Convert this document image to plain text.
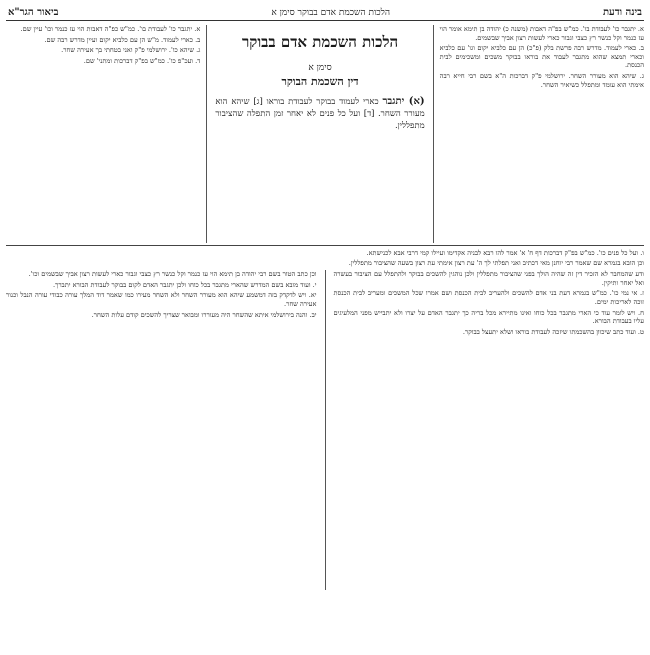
בינה ודעת
הלכות השכמת אדם בבוקר סימן א
ביאור הגר"א

א. יתגבר כו' לעבודת בו'. כמ"ש בפ"ה דאבות (משנה כ) יהודה בן תימא אומר הוי עז כנמר וקל כנשר רץ כצבי וגבור כארי לעשות רצון אביך שבשמים.

ב. כארי לעמוד. מדרש רבה פרשת בלק (פ"כ) הן עם כלביא יקום וגו' עם כלביא וכארי תמצא שהוא מתגבר לעבוד את בוראו בבוקר משכים ומשכימים לבית הכנסת.

ג. שיהא הוא מעורר השחר. ירושלמי פ"ק דברכות ה"א בשם רבי חייא רבה אימתי הוא עומד ומתפלל כשיאיר השחר.

הלכות השכמת אדם בבוקר
סימן א
דין השכמת הבוקר
(א) יתגבר כארי לעמוד בבוקר לעבודת בוראו [ג] שיהא הוא מעורר השחר. [ד] ועל כל פנים לא יאחר זמן התפלה שהציבור מתפללין.

א. יתגבר כו' לעבודת בו'. כמ"ש כפ"ה דאבות הוי עז כנמר וכו' עיין שם.

ב. כארי לעמוד. מ"ש הן עם כלביא יקום ועיין מדרש רבה שם.

ג. שיהא כו'. ירושלמי פ"ק ואני בטחתי בך אעירה שחר.

ד. ועכ"פ כו'. כמ"ש בפ"ק דברכות ומתני' שם.

ו. ועל כל פנים כו'. כמ"ש בפ"ק דברכות דף ח' א' אמר להו רבא לבניה אקדימו ועיילו קמי דרבי אבא לכנישתא.

וכן הובא בגמרא שם שאמר רבי יוחנן מאי דכתיב ואני תפלתי לך ה' עת רצון אימתי עת רצון בשעה שהציבור מתפללין.

ודע שהמחבר לא הזכיר דין זה שהיה הולך בפני שהציבור מתפללין ולכן נוהגין להשכים בבוקר ולהתפלל עם הציבור בעשרה ואל יאחר ותיקין.

ז. אי נמי כו'. כמ"ש בגמרא דעת בני אדם להשכים ולהעריב לבית הכנסת ושם אמרו שכל המשכים ומעריב לבית הכנסת זוכה לאריכות ימים.

ח. ויש לומר עוד כי הארי מתגבר בכל כוחו ואינו מתיירא מכל בריה כך יתגבר האדם על יצרו ולא יתבייש מפני המלעיגים עליו בעבודת הבורא.

ט. ועוד כתב שיכוון בהשכמתו שיזכה לעבודת בוראו ושלא יתעצל בבוקר.

וכן כתב הטור בשם רבי יהודה בן תימא הוי עז כנמר וקל כנשר רץ כצבי וגבור כארי לעשות רצון אביך שבשמים וכו'.

י. ועוד מובא בשם המדרש שהארי מתגבר בכל כוחו ולכן יתגבר האדם לקום בבוקר לעבודת הבורא יתברך.

יא. ויש לדקדק בזה דמשמע שיהא הוא מעורר השחר ולא השחר מעירו כמו שאמר דוד המלך עורה כבודי עורה הנבל וכנור אעירה שחר.

יב. והנה בירושלמי איתא שהשחר היה מעוררו ומבואר שצריך להשכים קודם עלות השחר.
